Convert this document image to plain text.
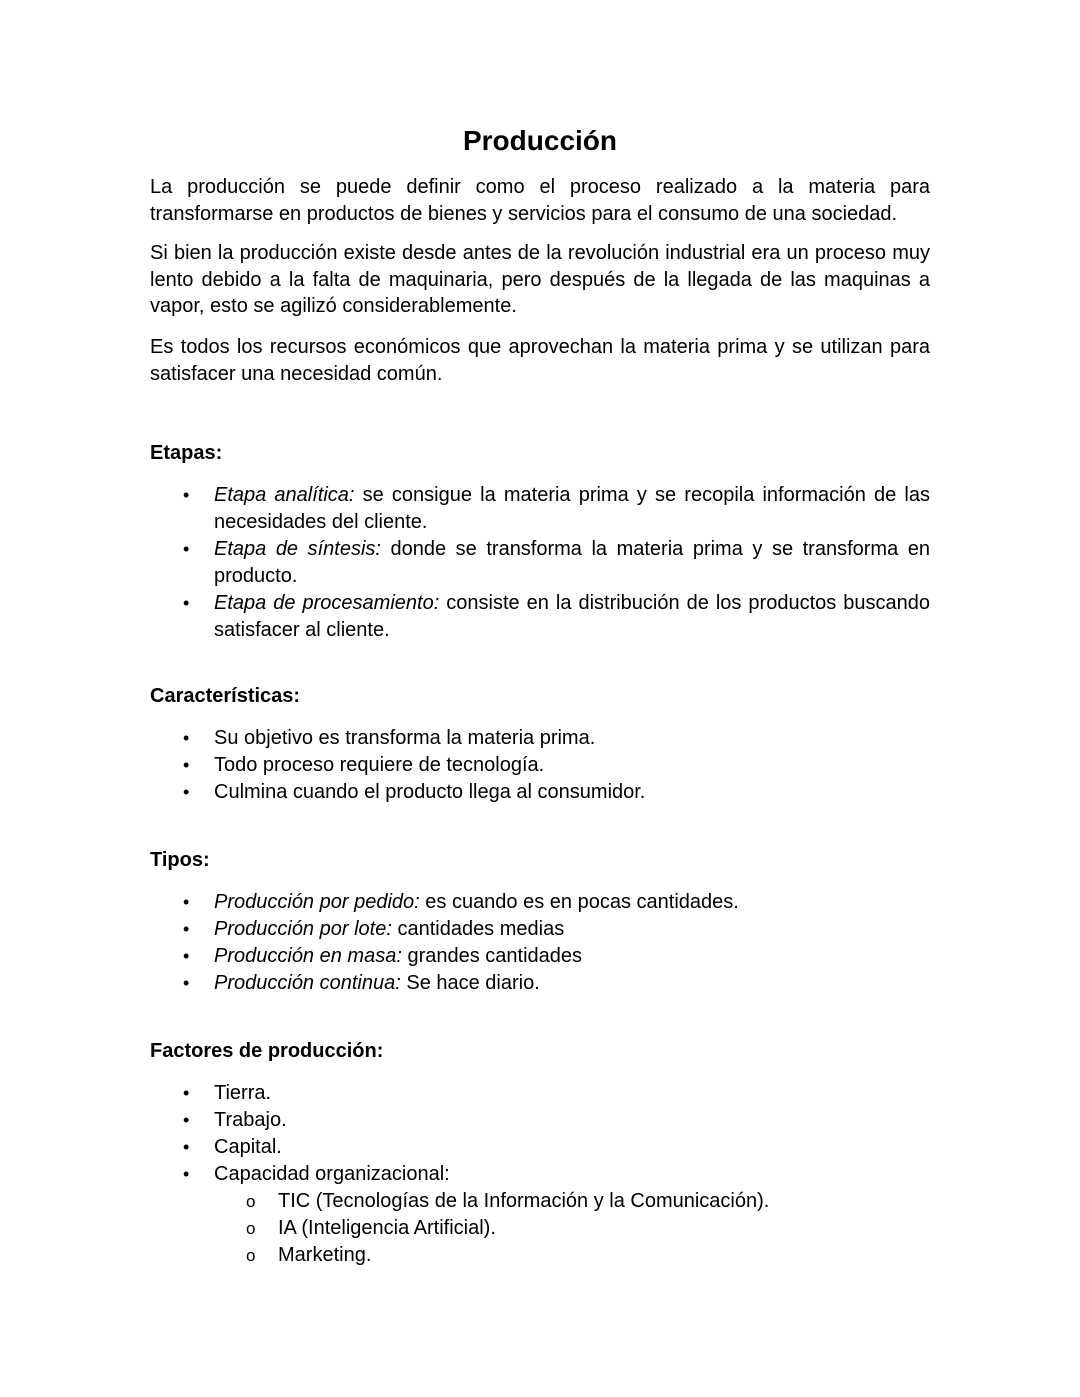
Producción

La producción se puede definir como el proceso realizado a la materia para transformarse en productos de bienes y servicios para el consumo de una sociedad.

Si bien la producción existe desde antes de la revolución industrial era un proceso muy lento debido a la falta de maquinaria, pero después de la llegada de las maquinas a vapor, esto se agilizó considerablemente.

Es todos los recursos económicos que aprovechan la materia prima y se utilizan para satisfacer una necesidad común.

Etapas:
• Etapa analítica: se consigue la materia prima y se recopila información de las necesidades del cliente.
• Etapa de síntesis: donde se transforma la materia prima y se transforma en producto.
• Etapa de procesamiento: consiste en la distribución de los productos buscando satisfacer al cliente.
Características:
• Su objetivo es transforma la materia prima.
• Todo proceso requiere de tecnología.
• Culmina cuando el producto llega al consumidor.
Tipos:
• Producción por pedido: es cuando es en pocas cantidades.
• Producción por lote: cantidades medias
• Producción en masa: grandes cantidades
• Producción continua: Se hace diario.
Factores de producción:
• Tierra.
• Trabajo.
• Capital.
• Capacidad organizacional:
o TIC (Tecnologías de la Información y la Comunicación).
o IA (Inteligencia Artificial).
o Marketing.
